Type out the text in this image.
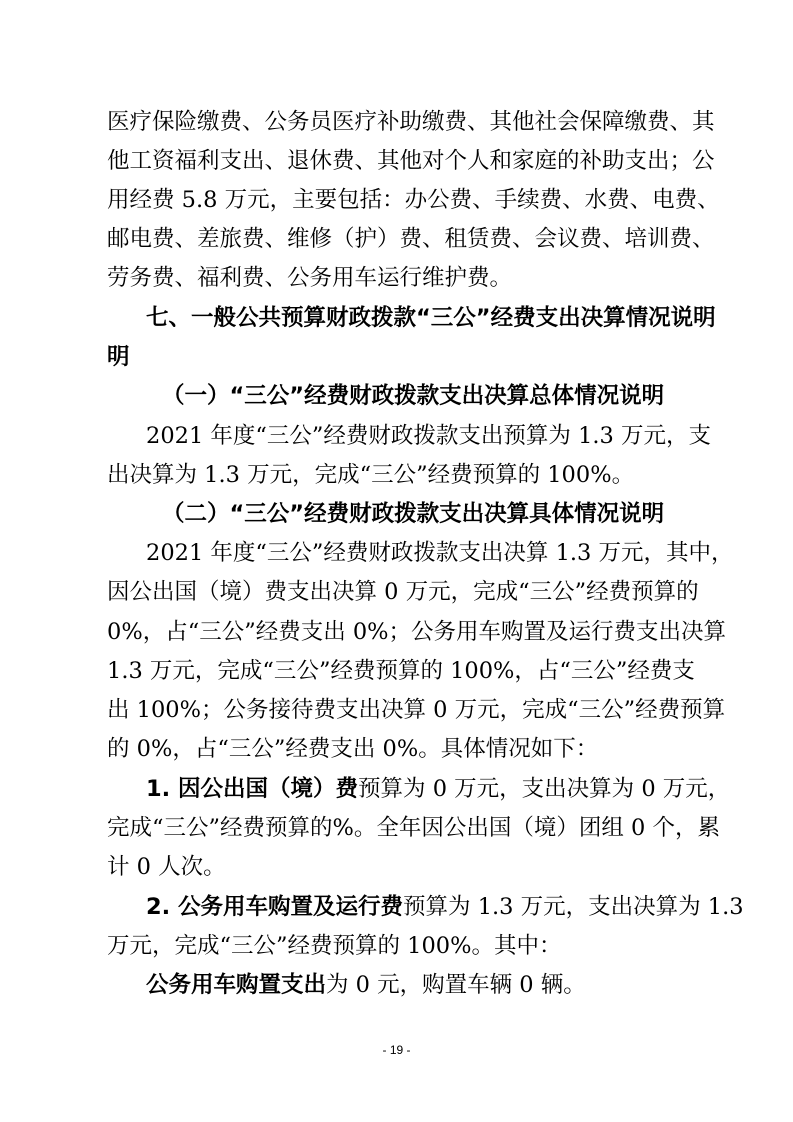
医疗保险缴费、公务员医疗补助缴费、其他社会保障缴费、其
他工资福利支出、退休费、其他对个人和家庭的补助支出；公
用经费 5.8 万元，主要包括：办公费、手续费、水费、电费、
邮电费、差旅费、维修（护）费、租赁费、会议费、培训费、
劳务费、福利费、公务用车运行维护费。
七、一般公共预算财政拨款“三公”经费支出决算情况说明
明
（一）“三公”经费财政拨款支出决算总体情况说明
2021 年度“三公”经费财政拨款支出预算为 1.3 万元，支
出决算为 1.3 万元，完成“三公”经费预算的 100%。
（二）“三公”经费财政拨款支出决算具体情况说明
2021 年度“三公”经费财政拨款支出决算 1.3 万元，其中，
因公出国（境）费支出决算 0 万元，完成“三公”经费预算的
0%，占“三公”经费支出 0%；公务用车购置及运行费支出决算
1.3 万元，完成“三公”经费预算的 100%，占“三公”经费支
出 100%；公务接待费支出决算 0 万元，完成“三公”经费预算
的 0%，占“三公”经费支出 0%。具体情况如下：
1. 因公出国（境）费预算为 0 万元，支出决算为 0 万元，
完成“三公”经费预算的%。全年因公出国（境）团组 0 个，累
计 0 人次。
2. 公务用车购置及运行费预算为 1.3 万元，支出决算为 1.3
万元，完成“三公”经费预算的 100%。其中：
公务用车购置支出为 0 元，购置车辆 0 辆。
- 19 -
